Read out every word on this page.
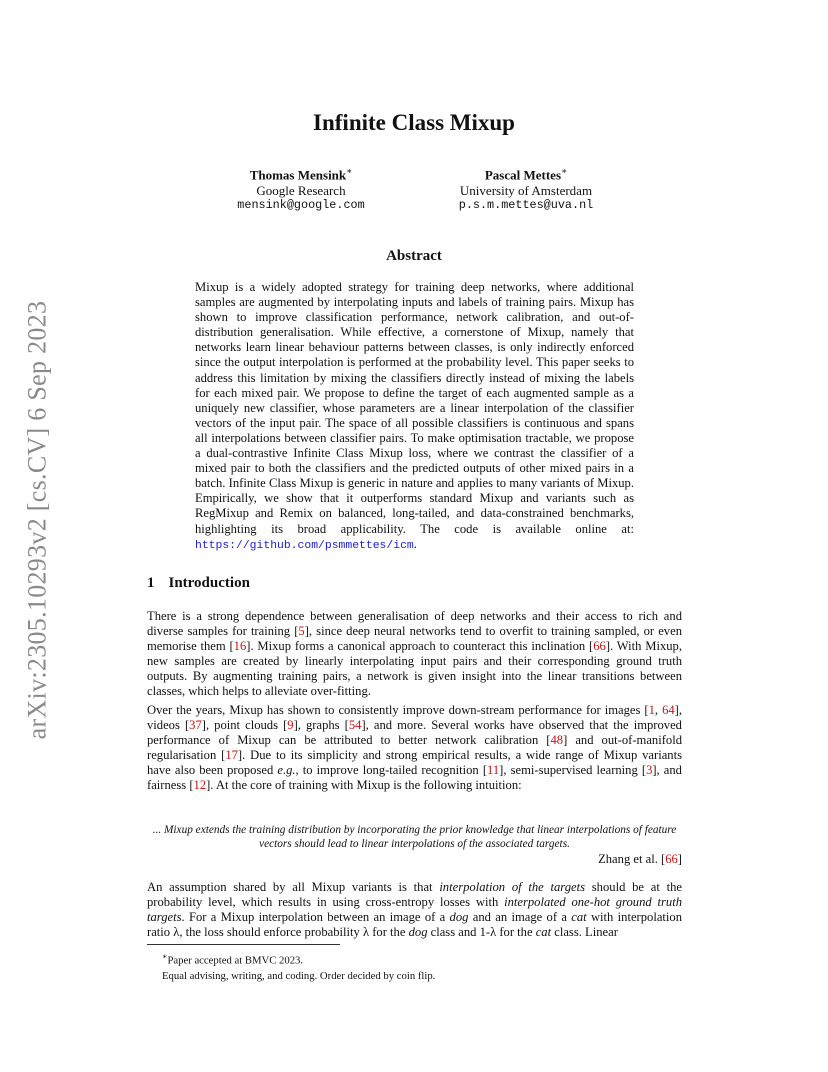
arXiv:2305.10293v2 [cs.CV] 6 Sep 2023
Infinite Class Mixup
Thomas Mensink∗
Google Research
mensink@google.com
Pascal Mettes∗
University of Amsterdam
p.s.m.mettes@uva.nl
Abstract
Mixup is a widely adopted strategy for training deep networks, where additional samples are augmented by interpolating inputs and labels of training pairs. Mixup has shown to improve classification performance, network calibration, and out-of-distribution generalisation. While effective, a cornerstone of Mixup, namely that networks learn linear behaviour patterns between classes, is only indirectly enforced since the output interpolation is performed at the probability level. This paper seeks to address this limitation by mixing the classifiers directly instead of mixing the labels for each mixed pair. We propose to define the target of each augmented sample as a uniquely new classifier, whose parameters are a linear interpolation of the classifier vectors of the input pair. The space of all possible classifiers is continuous and spans all interpolations between classifier pairs. To make optimisation tractable, we propose a dual-contrastive Infinite Class Mixup loss, where we contrast the classifier of a mixed pair to both the classifiers and the predicted outputs of other mixed pairs in a batch. Infinite Class Mixup is generic in nature and applies to many variants of Mixup. Empirically, we show that it outperforms standard Mixup and variants such as RegMixup and Remix on balanced, long-tailed, and data-constrained benchmarks, highlighting its broad applicability. The code is available online at: https://github.com/psmmettes/icm.
1 Introduction
There is a strong dependence between generalisation of deep networks and their access to rich and diverse samples for training [5], since deep neural networks tend to overfit to training sampled, or even memorise them [16]. Mixup forms a canonical approach to counteract this inclination [66]. With Mixup, new samples are created by linearly interpolating input pairs and their corresponding ground truth outputs. By augmenting training pairs, a network is given insight into the linear transitions between classes, which helps to alleviate over-fitting.
Over the years, Mixup has shown to consistently improve down-stream performance for images [1, 64], videos [37], point clouds [9], graphs [54], and more. Several works have observed that the improved performance of Mixup can be attributed to better network calibration [48] and out-of-manifold regularisation [17]. Due to its simplicity and strong empirical results, a wide range of Mixup variants have also been proposed e.g., to improve long-tailed recognition [11], semi-supervised learning [3], and fairness [12]. At the core of training with Mixup is the following intuition:
... Mixup extends the training distribution by incorporating the prior knowledge that linear interpolations of feature vectors should lead to linear interpolations of the associated targets.
Zhang et al. [66]
An assumption shared by all Mixup variants is that interpolation of the targets should be at the probability level, which results in using cross-entropy losses with interpolated one-hot ground truth targets. For a Mixup interpolation between an image of a dog and an image of a cat with interpolation ratio λ, the loss should enforce probability λ for the dog class and 1-λ for the cat class. Linear
∗Paper accepted at BMVC 2023.
Equal advising, writing, and coding. Order decided by coin flip.
